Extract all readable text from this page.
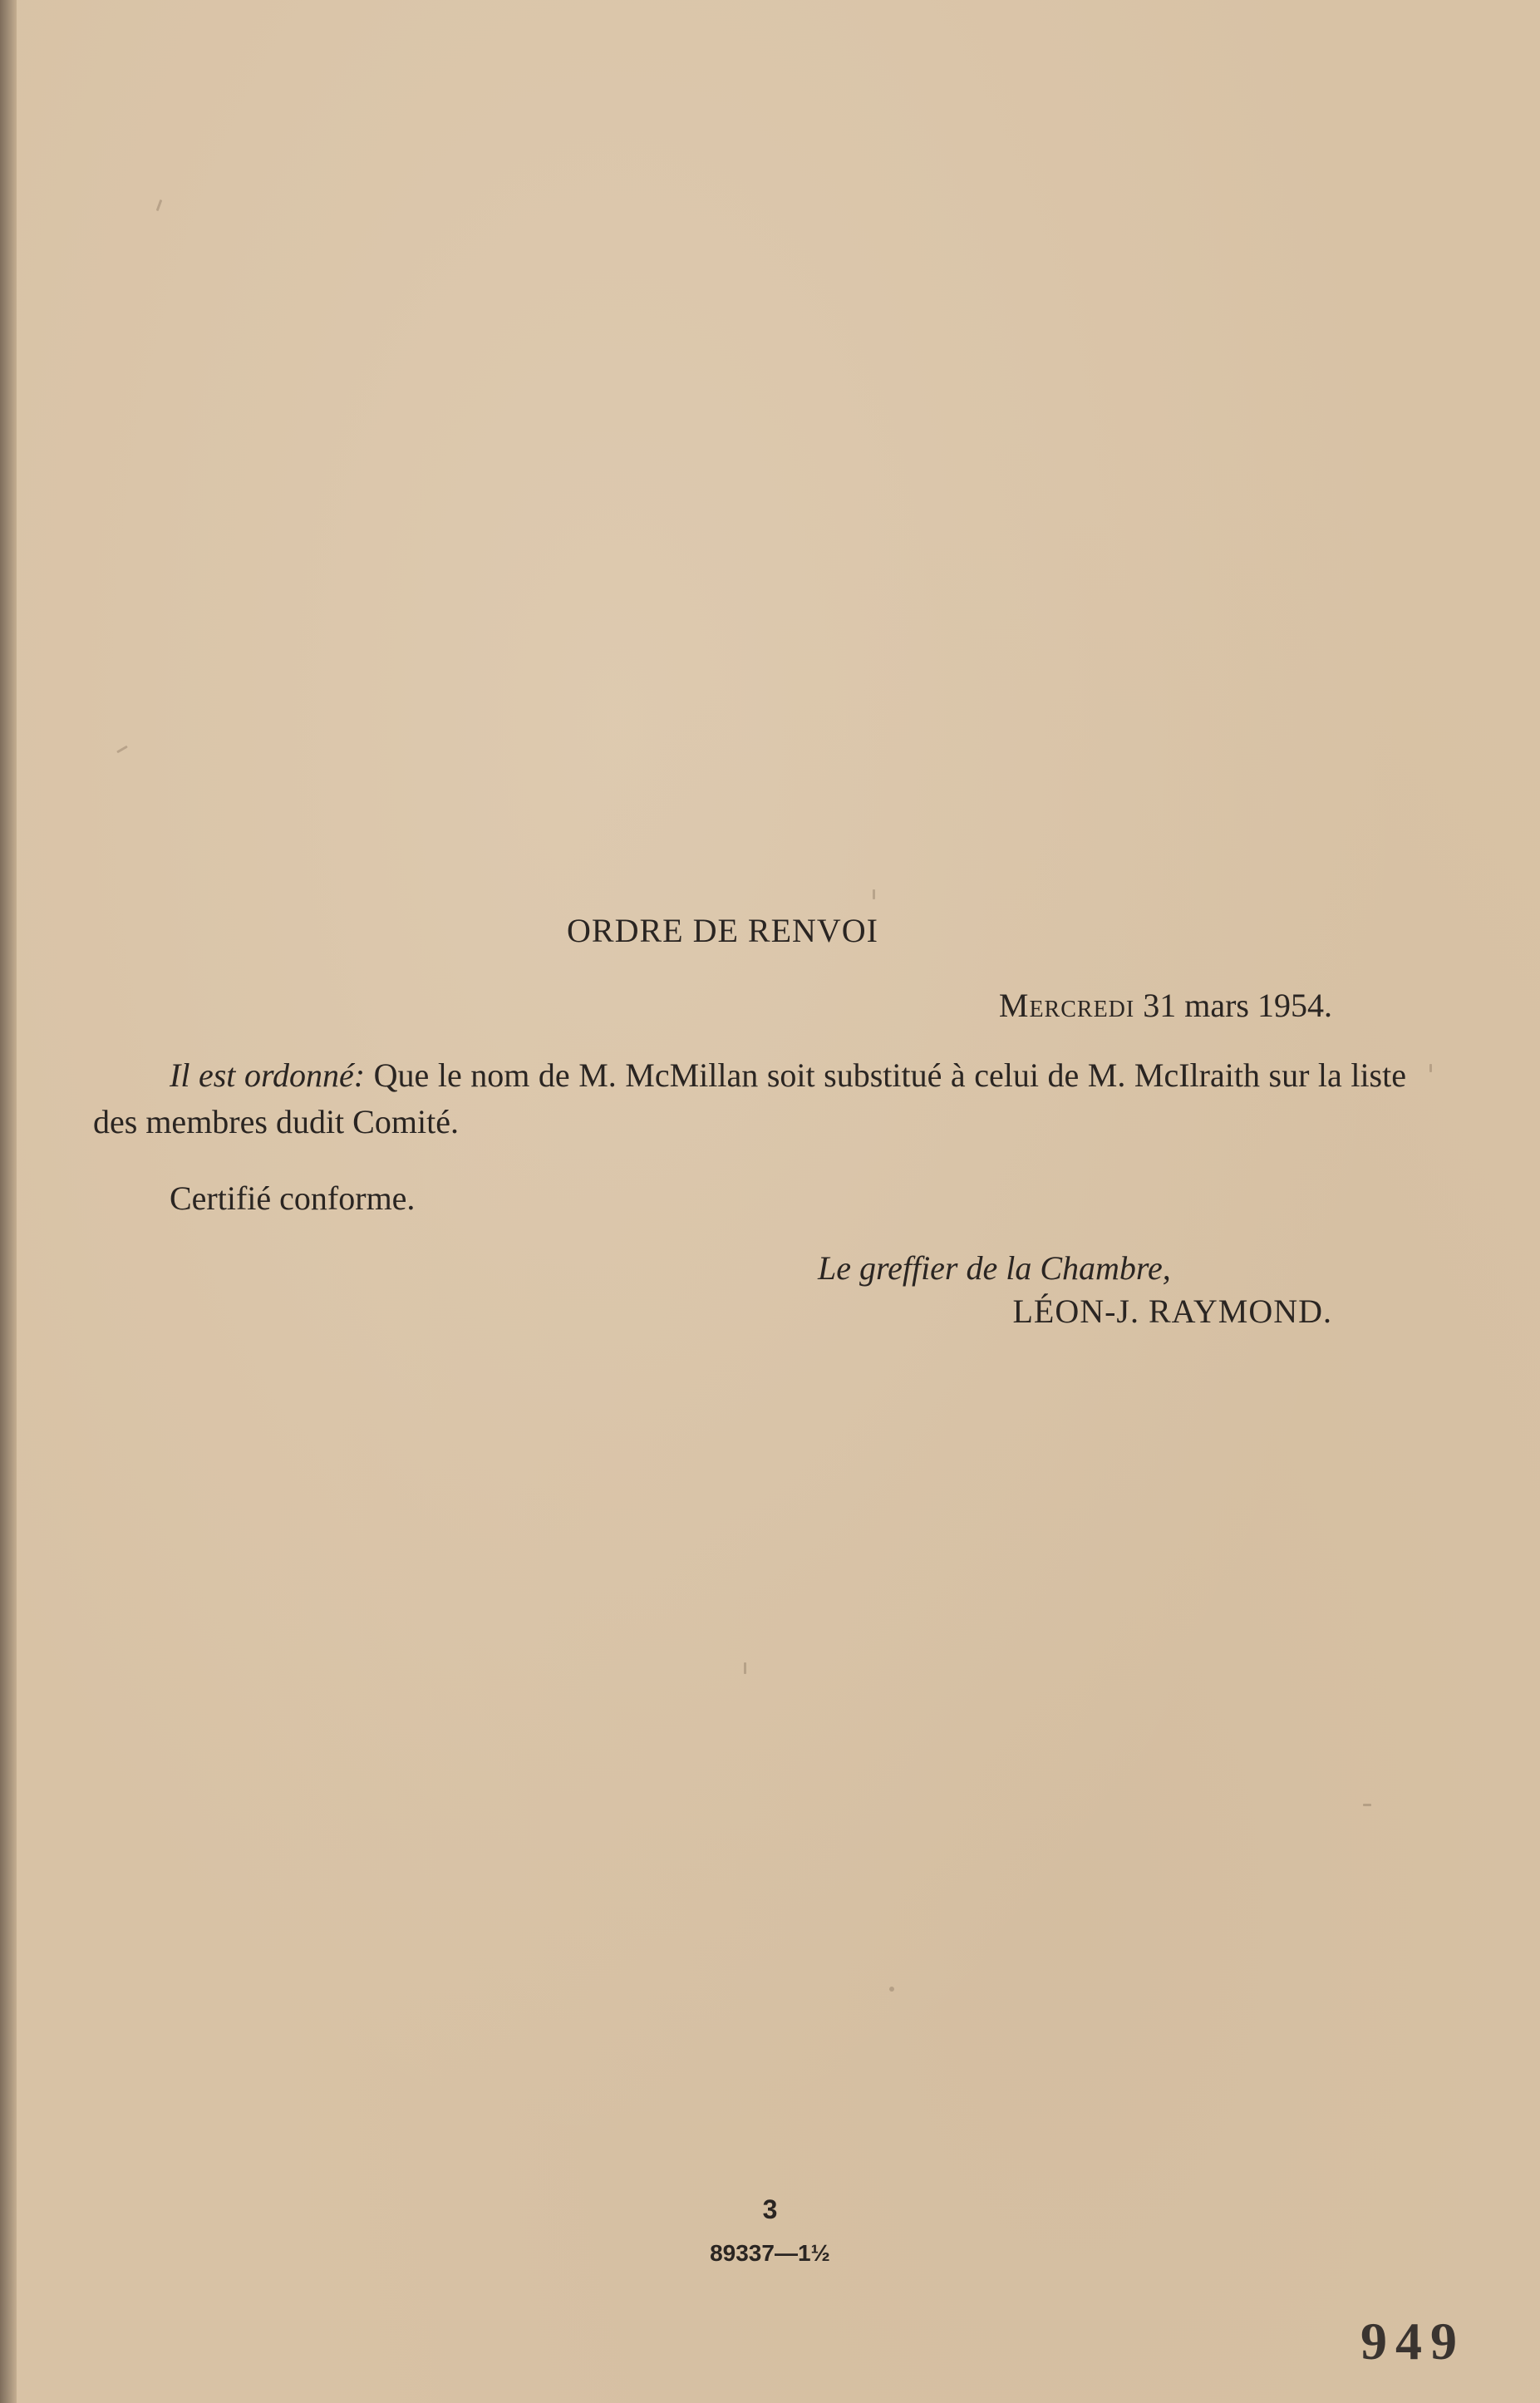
ORDRE DE RENVOI
Mercredi 31 mars 1954.
Il est ordonné: Que le nom de M. McMillan soit substitué à celui de M. McIlraith sur la liste des membres dudit Comité.
Certifié conforme.
Le greffier de la Chambre,
LÉON-J. RAYMOND.
3
89337—1½
949
